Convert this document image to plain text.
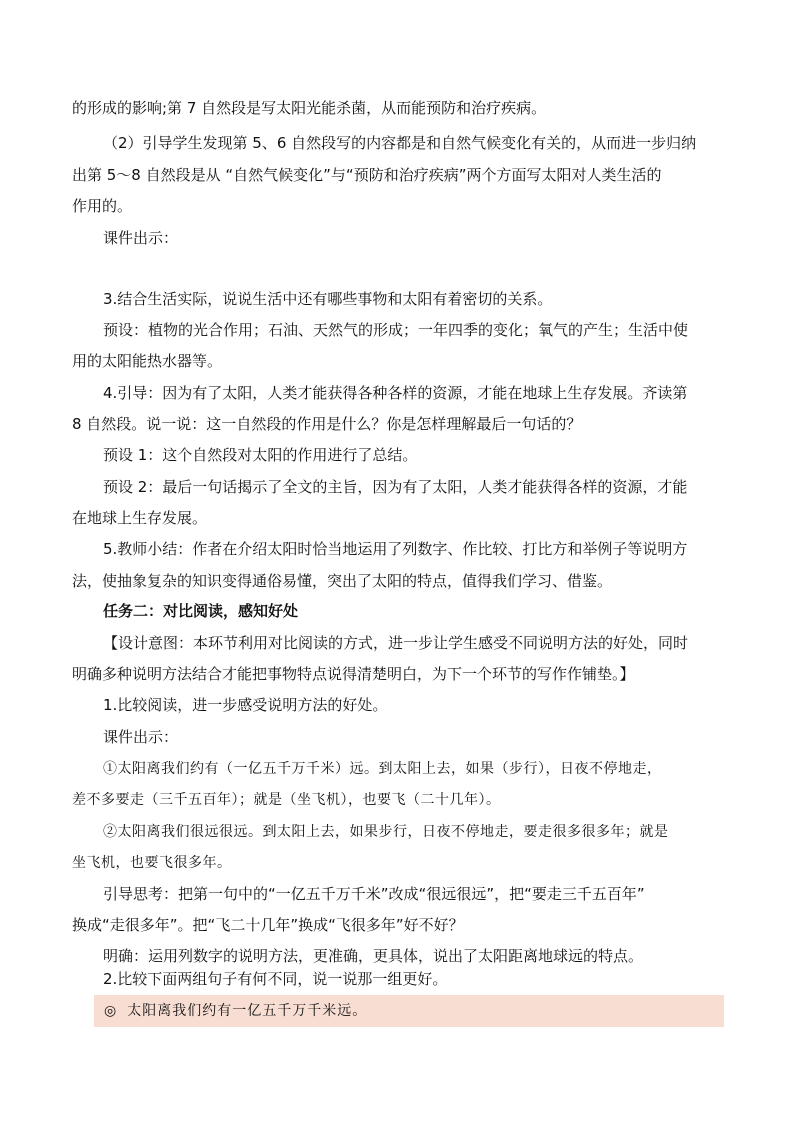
的形成的影响;第 7 自然段是写太阳光能杀菌，从而能预防和治疗疾病。
（2）引导学生发现第 5、6 自然段写的内容都是和自然气候变化有关的，从而进一步归纳
出第 5～8 自然段是从 “自然气候变化”与“预防和治疗疾病”两个方面写太阳对人类生活的
作用的。
课件出示：
3.结合生活实际，说说生活中还有哪些事物和太阳有着密切的关系。
预设：植物的光合作用；石油、天然气的形成；一年四季的变化；氧气的产生；生活中使
用的太阳能热水器等。
4.引导：因为有了太阳，人类才能获得各种各样的资源，才能在地球上生存发展。齐读第
8 自然段。说一说：这一自然段的作用是什么？你是怎样理解最后一句话的？
预设 1：这个自然段对太阳的作用进行了总结。
预设 2：最后一句话揭示了全文的主旨，因为有了太阳，人类才能获得各样的资源，才能
在地球上生存发展。
5.教师小结：作者在介绍太阳时恰当地运用了列数字、作比较、打比方和举例子等说明方
法，使抽象复杂的知识变得通俗易懂，突出了太阳的特点，值得我们学习、借鉴。
任务二：对比阅读，感知好处
【设计意图：本环节利用对比阅读的方式，进一步让学生感受不同说明方法的好处，同时
明确多种说明方法结合才能把事物特点说得清楚明白，为下一个环节的写作作铺垫。】
1.比较阅读，进一步感受说明方法的好处。
课件出示：
①太阳离我们约有（一亿五千万千米）远。到太阳上去，如果（步行），日夜不停地走，
差不多要走（三千五百年）；就是（坐飞机），也要飞（二十几年）。
②太阳离我们很远很远。到太阳上去，如果步行，日夜不停地走，要走很多很多年；就是
坐飞机，也要飞很多年。
引导思考：把第一句中的“一亿五千万千米”改成“很远很远”，把“要走三千五百年”
换成“走很多年”。把“飞二十几年”换成“飞很多年”好不好？
明确：运用列数字的说明方法，更准确，更具体，说出了太阳距离地球远的特点。
2.比较下面两组句子有何不同，说一说那一组更好。
◎ 太阳离我们约有一亿五千万千米远。
